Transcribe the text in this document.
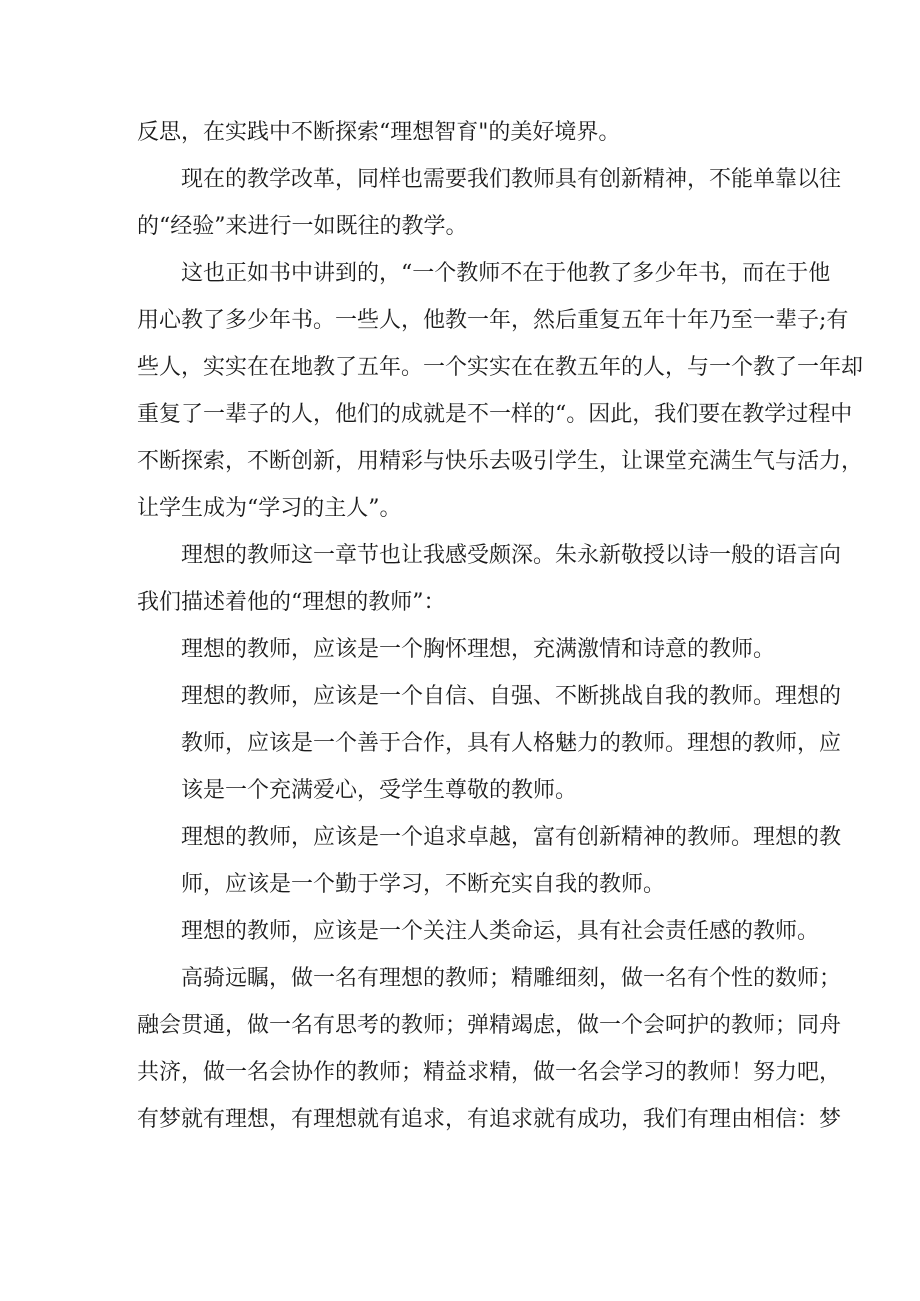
反思，在实践中不断探索“理想智育"的美好境界。

现在的教学改革，同样也需要我们教师具有创新精神，不能单靠以往

的“经验”来进行一如既往的教学。

这也正如书中讲到的，“一个教师不在于他教了多少年书，而在于他

用心教了多少年书。一些人，他教一年，然后重复五年十年乃至一辈子;有

些人，实实在在地教了五年。一个实实在在教五年的人，与一个教了一年却

重复了一辈子的人，他们的成就是不一样的“。因此，我们要在教学过程中

不断探索，不断创新，用精彩与快乐去吸引学生，让课堂充满生气与活力，

让学生成为“学习的主人”。

理想的教师这一章节也让我感受颇深。朱永新敬授以诗一般的语言向

我们描述着他的“理想的教师”：

理想的教师，应该是一个胸怀理想，充满激情和诗意的教师。

理想的教师，应该是一个自信、自强、不断挑战自我的教师。理想的

教师，应该是一个善于合作，具有人格魅力的教师。理想的教师，应

该是一个充满爱心，受学生尊敬的教师。

理想的教师，应该是一个追求卓越，富有创新精神的教师。理想的教

师，应该是一个勤于学习，不断充实自我的教师。

理想的教师，应该是一个关注人类命运，具有社会责任感的教师。

高骑远瞩，做一名有理想的教师；精雕细刻，做一名有个性的数师；

融会贯通，做一名有思考的教师；弹精竭虑，做一个会呵护的教师；同舟

共济，做一名会协作的教师；精益求精，做一名会学习的教师！努力吧，

有梦就有理想，有理想就有追求，有追求就有成功，我们有理由相信：梦
